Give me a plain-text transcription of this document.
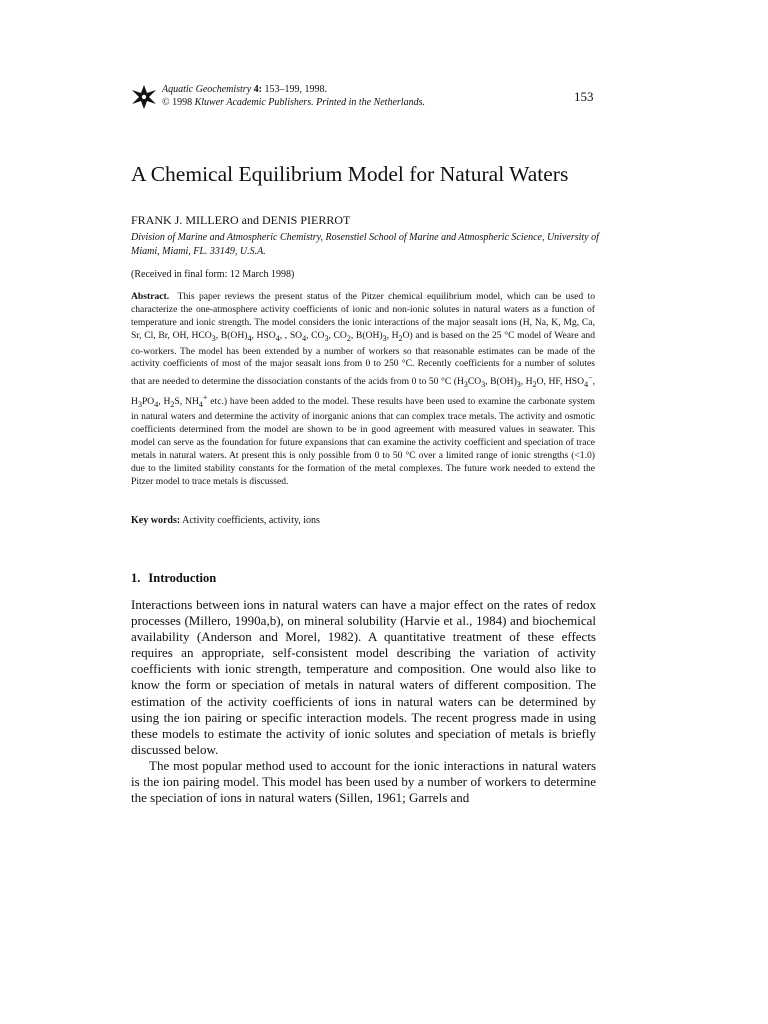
Aquatic Geochemistry 4: 153–199, 1998.
© 1998 Kluwer Academic Publishers. Printed in the Netherlands.	153
A Chemical Equilibrium Model for Natural Waters
FRANK J. MILLERO and DENIS PIERROT
Division of Marine and Atmospheric Chemistry, Rosenstiel School of Marine and Atmospheric Science, University of Miami, Miami, FL. 33149, U.S.A.
(Received in final form: 12 March 1998)
Abstract. This paper reviews the present status of the Pitzer chemical equilibrium model, which can be used to characterize the one-atmosphere activity coefficients of ionic and non-ionic solutes in natural waters as a function of temperature and ionic strength. The model considers the ionic interactions of the major seasalt ions (H, Na, K, Mg, Ca, Sr, Cl, Br, OH, $HCO_3$, $B(OH)_4$, $HSO_4$, , $SO_4$, $CO_3$, $CO_2$, $B(OH)_3$, $H_2O$) and is based on the 25 °C model of Weare and co-workers. The model has been extended by a number of workers so that reasonable estimates can be made of the activity coefficients of most of the major seasalt ions from 0 to 250 °C. Recently coefficients for a number of solutes that are needed to determine the dissociation constants of the acids from 0 to 50 °C ($H_3CO_3$, $B(OH)_3$, $H_2O$, HF, $HSO_4^-$, $H_3PO_4$, $H_2S$, $NH_4^+$ etc.) have been added to the model. These results have been used to examine the carbonate system in natural waters and determine the activity of inorganic anions that can complex trace metals. The activity and osmotic coefficients determined from the model are shown to be in good agreement with measured values in seawater. This model can serve as the foundation for future expansions that can examine the activity coefficient and speciation of trace metals in natural waters. At present this is only possible from 0 to 50 °C over a limited range of ionic strengths (<1.0) due to the limited stability constants for the formation of the metal complexes. The future work needed to extend the Pitzer model to trace metals is discussed.
Key words: Activity coefficients, activity, ions
1. Introduction

Interactions between ions in natural waters can have a major effect on the rates of redox processes (Millero, 1990a,b), on mineral solubility (Harvie et al., 1984) and biochemical availability (Anderson and Morel, 1982). A quantitative treatment of these effects requires an appropriate, self-consistent model describing the variation of activity coefficients with ionic strength, temperature and composition. One would also like to know the form or speciation of metals in natural waters of different composition. The estimation of the activity coefficients of ions in natural waters can be determined by using the ion pairing or specific interaction models. The recent progress made in using these models to estimate the activity of ionic solutes and speciation of metals is briefly discussed below.

The most popular method used to account for the ionic interactions in natural waters is the ion pairing model. This model has been used by a number of workers to determine the speciation of ions in natural waters (Sillen, 1961; Garrels and
